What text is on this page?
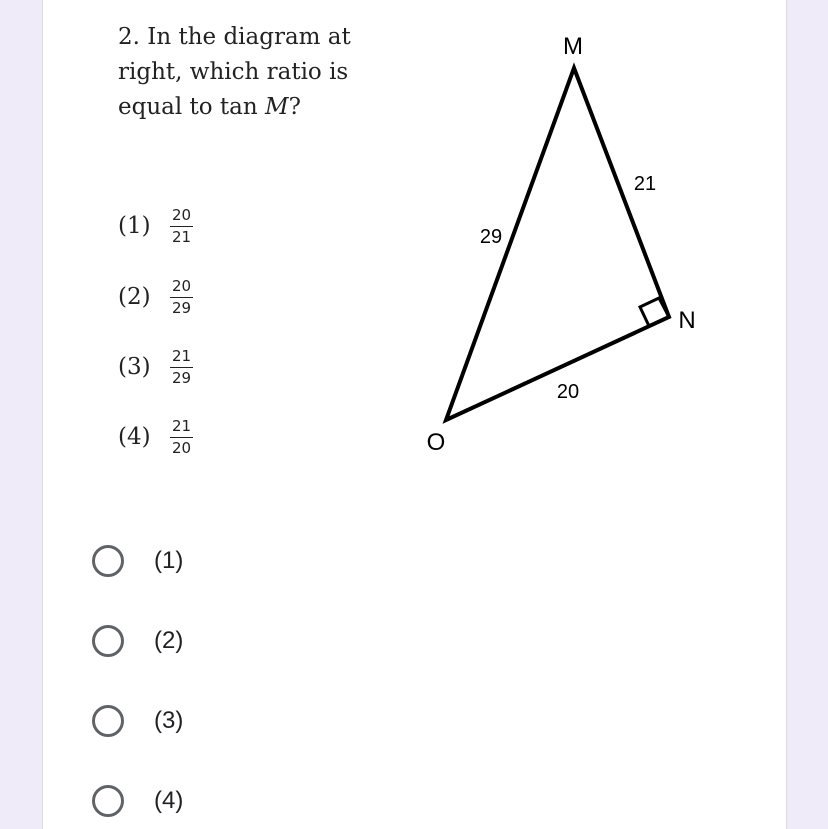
2. In the diagram at
right, which ratio is
equal to tan M?
(1)	$\frac{20}{21}$
(2)	$\frac{20}{29}$
(3)	$\frac{21}{29}$
(4)	$\frac{21}{20}$
M
N
O
21
29
20
(1)
(2)
(3)
(4)
